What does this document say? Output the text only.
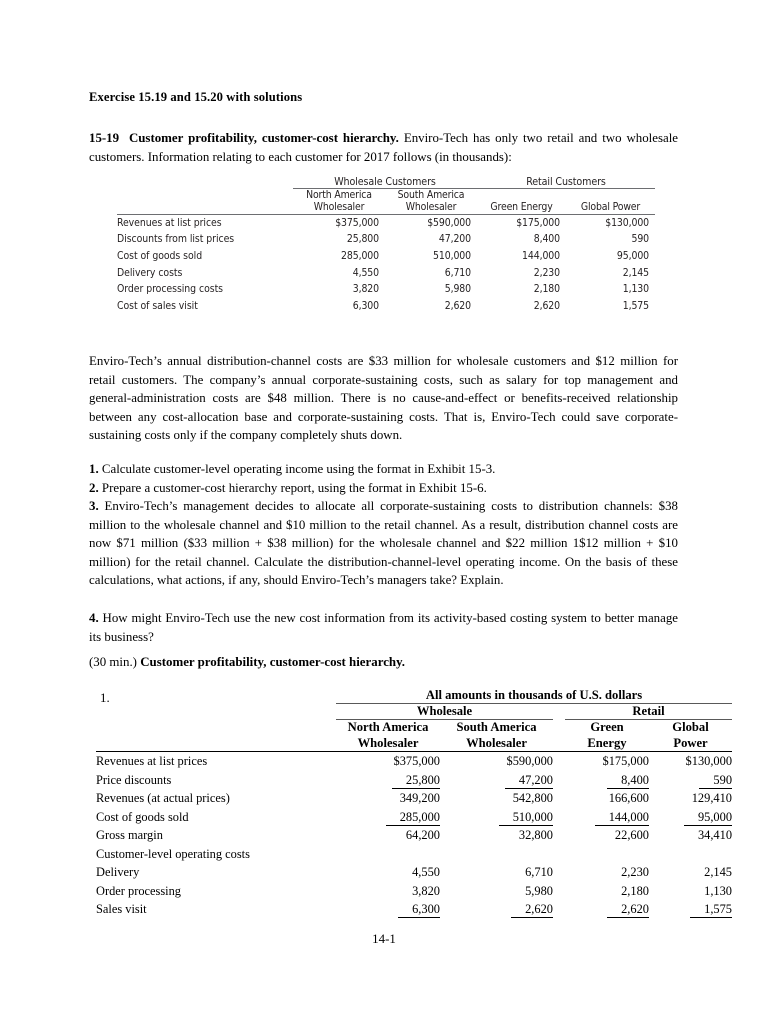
Exercise 15.19 and 15.20 with solutions
15-19 Customer profitability, customer-cost hierarchy. Enviro-Tech has only two retail and two wholesale customers. Information relating to each customer for 2017 follows (in thousands):
	Wholesale Customers		Retail Customers	
	North America
Wholesaler	South America
Wholesaler	Green Energy	Global Power

Revenues at list prices	$375,000	$590,000	$175,000	$130,000
Discounts from list prices	25,800	47,200	8,400	590
Cost of goods sold	285,000	510,000	144,000	95,000
Delivery costs	4,550	6,710	2,230	2,145
Order processing costs	3,820	5,980	2,180	1,130
Cost of sales visit	6,300	2,620	2,620	1,575
Enviro-Tech’s annual distribution-channel costs are $33 million for wholesale customers and $12 million for retail customers. The company’s annual corporate-sustaining costs, such as salary for top management and general-administration costs are $48 million. There is no cause-and-effect or benefits-received relationship between any cost-allocation base and corporate-sustaining costs. That is, Enviro-Tech could save corporate-sustaining costs only if the company completely shuts down.
1. Calculate customer-level operating income using the format in Exhibit 15-3.
2. Prepare a customer-cost hierarchy report, using the format in Exhibit 15-6.
3. Enviro-Tech’s management decides to allocate all corporate-sustaining costs to distribution channels: $38 million to the wholesale channel and $10 million to the retail channel. As a result, distribution channel costs are now $71 million ($33 million + $38 million) for the wholesale channel and $22 million 1$12 million + $10 million) for the retail channel. Calculate the distribution-channel-level operating income. On the basis of these calculations, what actions, if any, should Enviro-Tech’s managers take? Explain.
4. How might Enviro-Tech use the new cost information from its activity-based costing system to better manage its business?
(30 min.) Customer profitability, customer-cost hierarchy.
1.
		All amounts in thousands of U.S. dollars				

	Wholesale			Retail	

	North America
Wholesaler	South America
Wholesaler		Green
Energy	Global
Power

Revenues at list prices	$375,000	$590,000		$175,000	$130,000
Price discounts	25,800	47,200		8,400	590
Revenues (at actual prices)	349,200	542,800		166,600	129,410
Cost of goods sold	285,000	510,000		144,000	95,000
Gross margin	64,200	32,800		22,600	34,410
Customer-level operating costs					
Delivery	4,550	6,710		2,230	2,145
Order processing	3,820	5,980		2,180	1,130
Sales visit	6,300	2,620		2,620	1,575
14-1
